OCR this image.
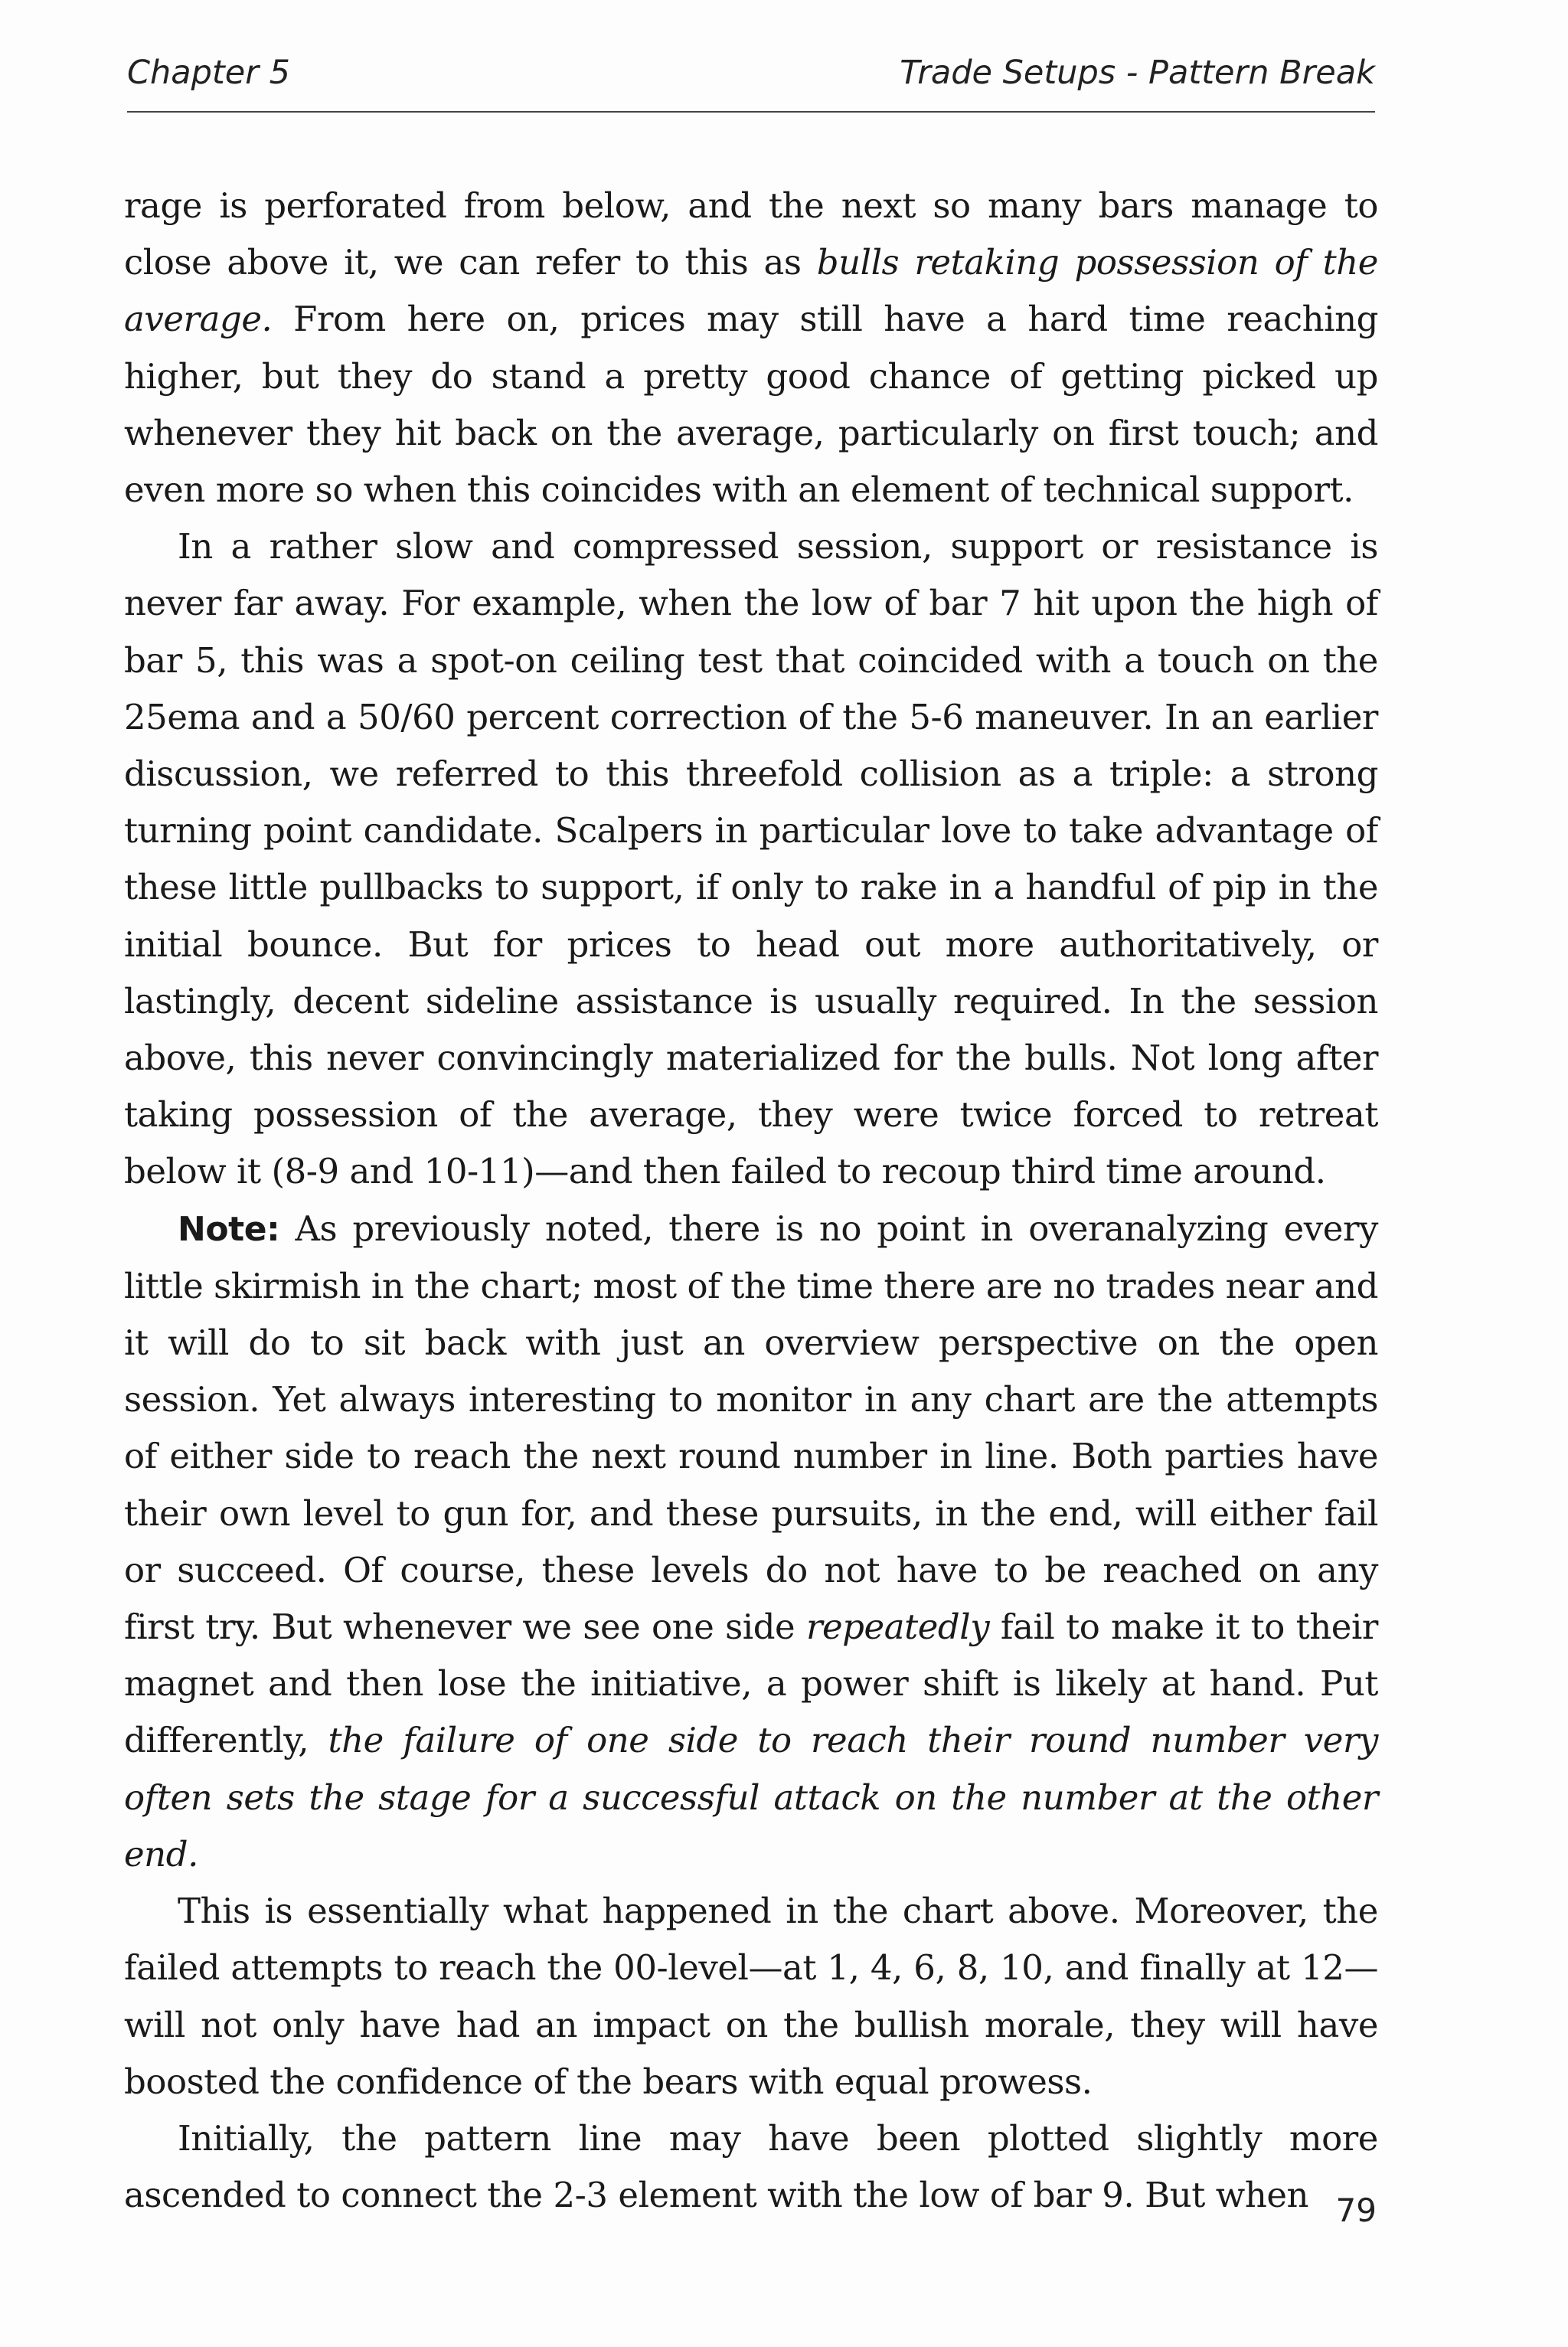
Chapter 5	Trade Setups - Pattern Break

rage is perforated from below, and the next so many bars manage to close above it, we can refer to this as bulls retaking possession of the average. From here on, prices may still have a hard time reaching higher, but they do stand a pretty good chance of getting picked up whenever they hit back on the average, particularly on first touch; and even more so when this coincides with an element of technical support.

In a rather slow and compressed session, support or resistance is never far away. For example, when the low of bar 7 hit upon the high of bar 5, this was a spot-on ceiling test that coincided with a touch on the 25ema and a 50/60 percent correction of the 5-6 maneuver. In an earlier discussion, we referred to this threefold collision as a triple: a strong turning point candidate. Scalpers in particular love to take advantage of these little pullbacks to support, if only to rake in a handful of pip in the initial bounce. But for prices to head out more authoritatively, or lastingly, decent sideline assistance is usually required. In the session above, this never convincingly materialized for the bulls. Not long after taking possession of the average, they were twice forced to retreat below it (8-9 and 10-11)—and then failed to recoup third time around.

Note: As previously noted, there is no point in overanalyzing every little skirmish in the chart; most of the time there are no trades near and it will do to sit back with just an overview perspective on the open session. Yet always interesting to monitor in any chart are the attempts of either side to reach the next round number in line. Both parties have their own level to gun for, and these pursuits, in the end, will either fail or succeed. Of course, these levels do not have to be reached on any first try. But whenever we see one side repeatedly fail to make it to their magnet and then lose the initiative, a power shift is likely at hand. Put differently, the failure of one side to reach their round number very often sets the stage for a successful attack on the number at the other end.

This is essentially what happened in the chart above. Moreover, the failed attempts to reach the 00-level—at 1, 4, 6, 8, 10, and finally at 12—will not only have had an impact on the bullish morale, they will have boosted the confidence of the bears with equal prowess.

Initially, the pattern line may have been plotted slightly more ascended to connect the 2-3 element with the low of bar 9. But when 79
